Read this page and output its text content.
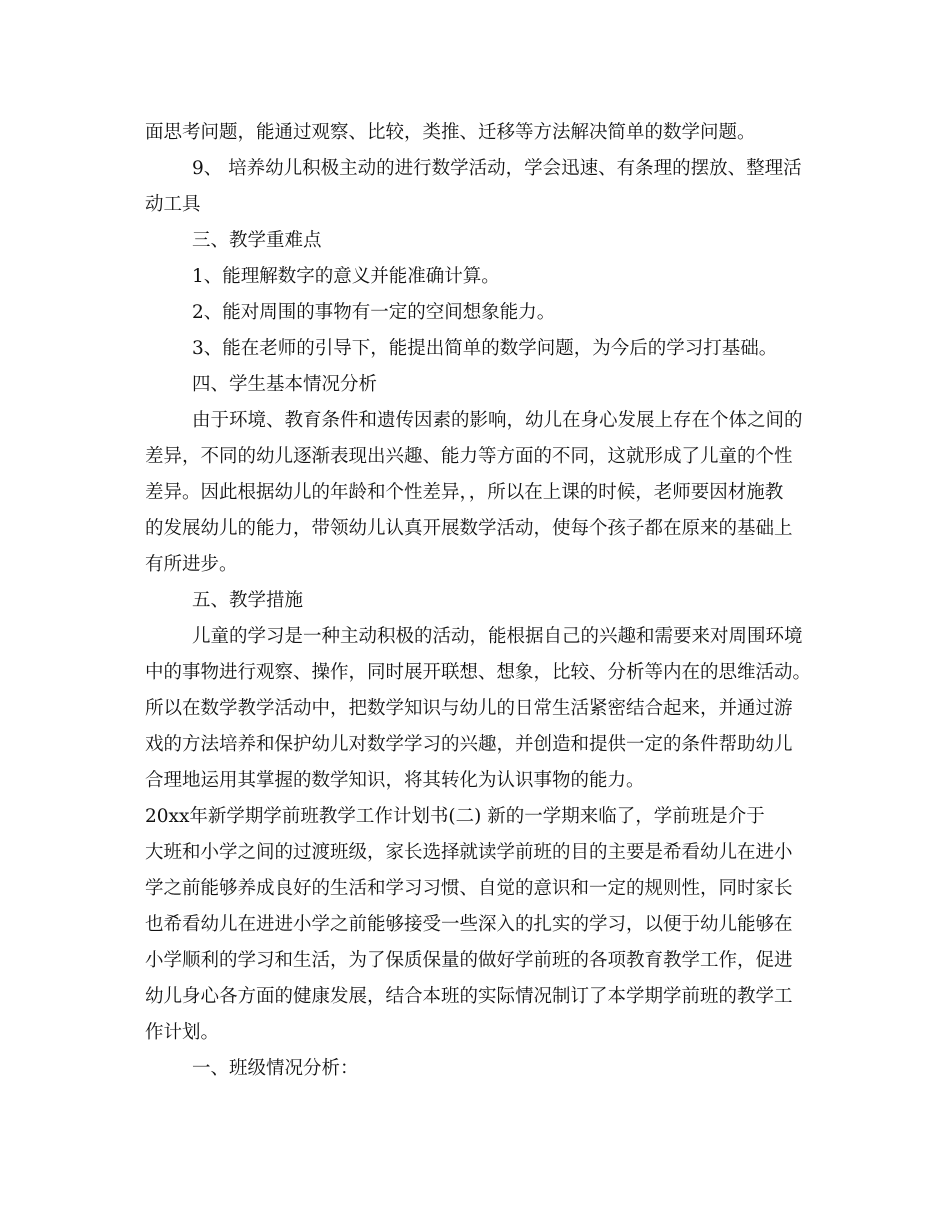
面思考问题，能通过观察、比较，类推、迁移等方法解决简单的数学问题。
9、 培养幼儿积极主动的进行数学活动，学会迅速、有条理的摆放、整理活
动工具
三、教学重难点
1、能理解数字的意义并能准确计算。
2、能对周围的事物有一定的空间想象能力。
3、能在老师的引导下，能提出简单的数学问题，为今后的学习打基础。
四、学生基本情况分析
由于环境、教育条件和遗传因素的影响，幼儿在身心发展上存在个体之间的
差异，不同的幼儿逐渐表现出兴趣、能力等方面的不同，这就形成了儿童的个性
差异。因此根据幼儿的年龄和个性差异，，所以在上课的时候，老师要因材施教
的发展幼儿的能力，带领幼儿认真开展数学活动，使每个孩子都在原来的基础上
有所进步。
五、教学措施
儿童的学习是一种主动积极的活动，能根据自己的兴趣和需要来对周围环境
中的事物进行观察、操作，同时展开联想、想象，比较、分析等内在的思维活动。
所以在数学教学活动中，把数学知识与幼儿的日常生活紧密结合起来，并通过游
戏的方法培养和保护幼儿对数学学习的兴趣，并创造和提供一定的条件帮助幼儿
合理地运用其掌握的数学知识，将其转化为认识事物的能力。
20xx年新学期学前班教学工作计划书(二) 新的一学期来临了，学前班是介于
大班和小学之间的过渡班级，家长选择就读学前班的目的主要是希看幼儿在进小
学之前能够养成良好的生活和学习习惯、自觉的意识和一定的规则性，同时家长
也希看幼儿在进进小学之前能够接受一些深入的扎实的学习，以便于幼儿能够在
小学顺利的学习和生活，为了保质保量的做好学前班的各项教育教学工作，促进
幼儿身心各方面的健康发展，结合本班的实际情况制订了本学期学前班的教学工
作计划。
一、班级情况分析：
